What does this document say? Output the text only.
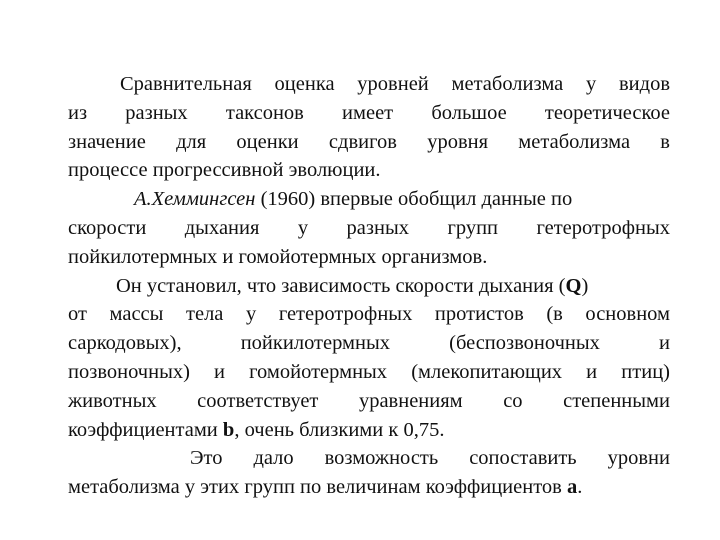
Сравнительная оценка уровней метаболизма у видов
из разных таксонов имеет большое теоретическое
значение для оценки сдвигов уровня метаболизма в
процессе прогрессивной эволюции.
А.Хеммингсен (1960) впервые обобщил данные по
скорости дыхания у разных групп гетеротрофных
пойкилотермных и гомойотермных организмов.
Он установил, что зависимость скорости дыхания (Q)
от массы тела у гетеротрофных протистов (в основном
саркодовых), пойкилотермных (беспозвоночных и
позвоночных) и гомойотермных (млекопитающих и птиц)
животных соответствует уравнениям со степенными
коэффициентами b, очень близкими к 0,75.
Это дало возможность сопоставить уровни
метаболизма у этих групп по величинам коэффициентов а.
